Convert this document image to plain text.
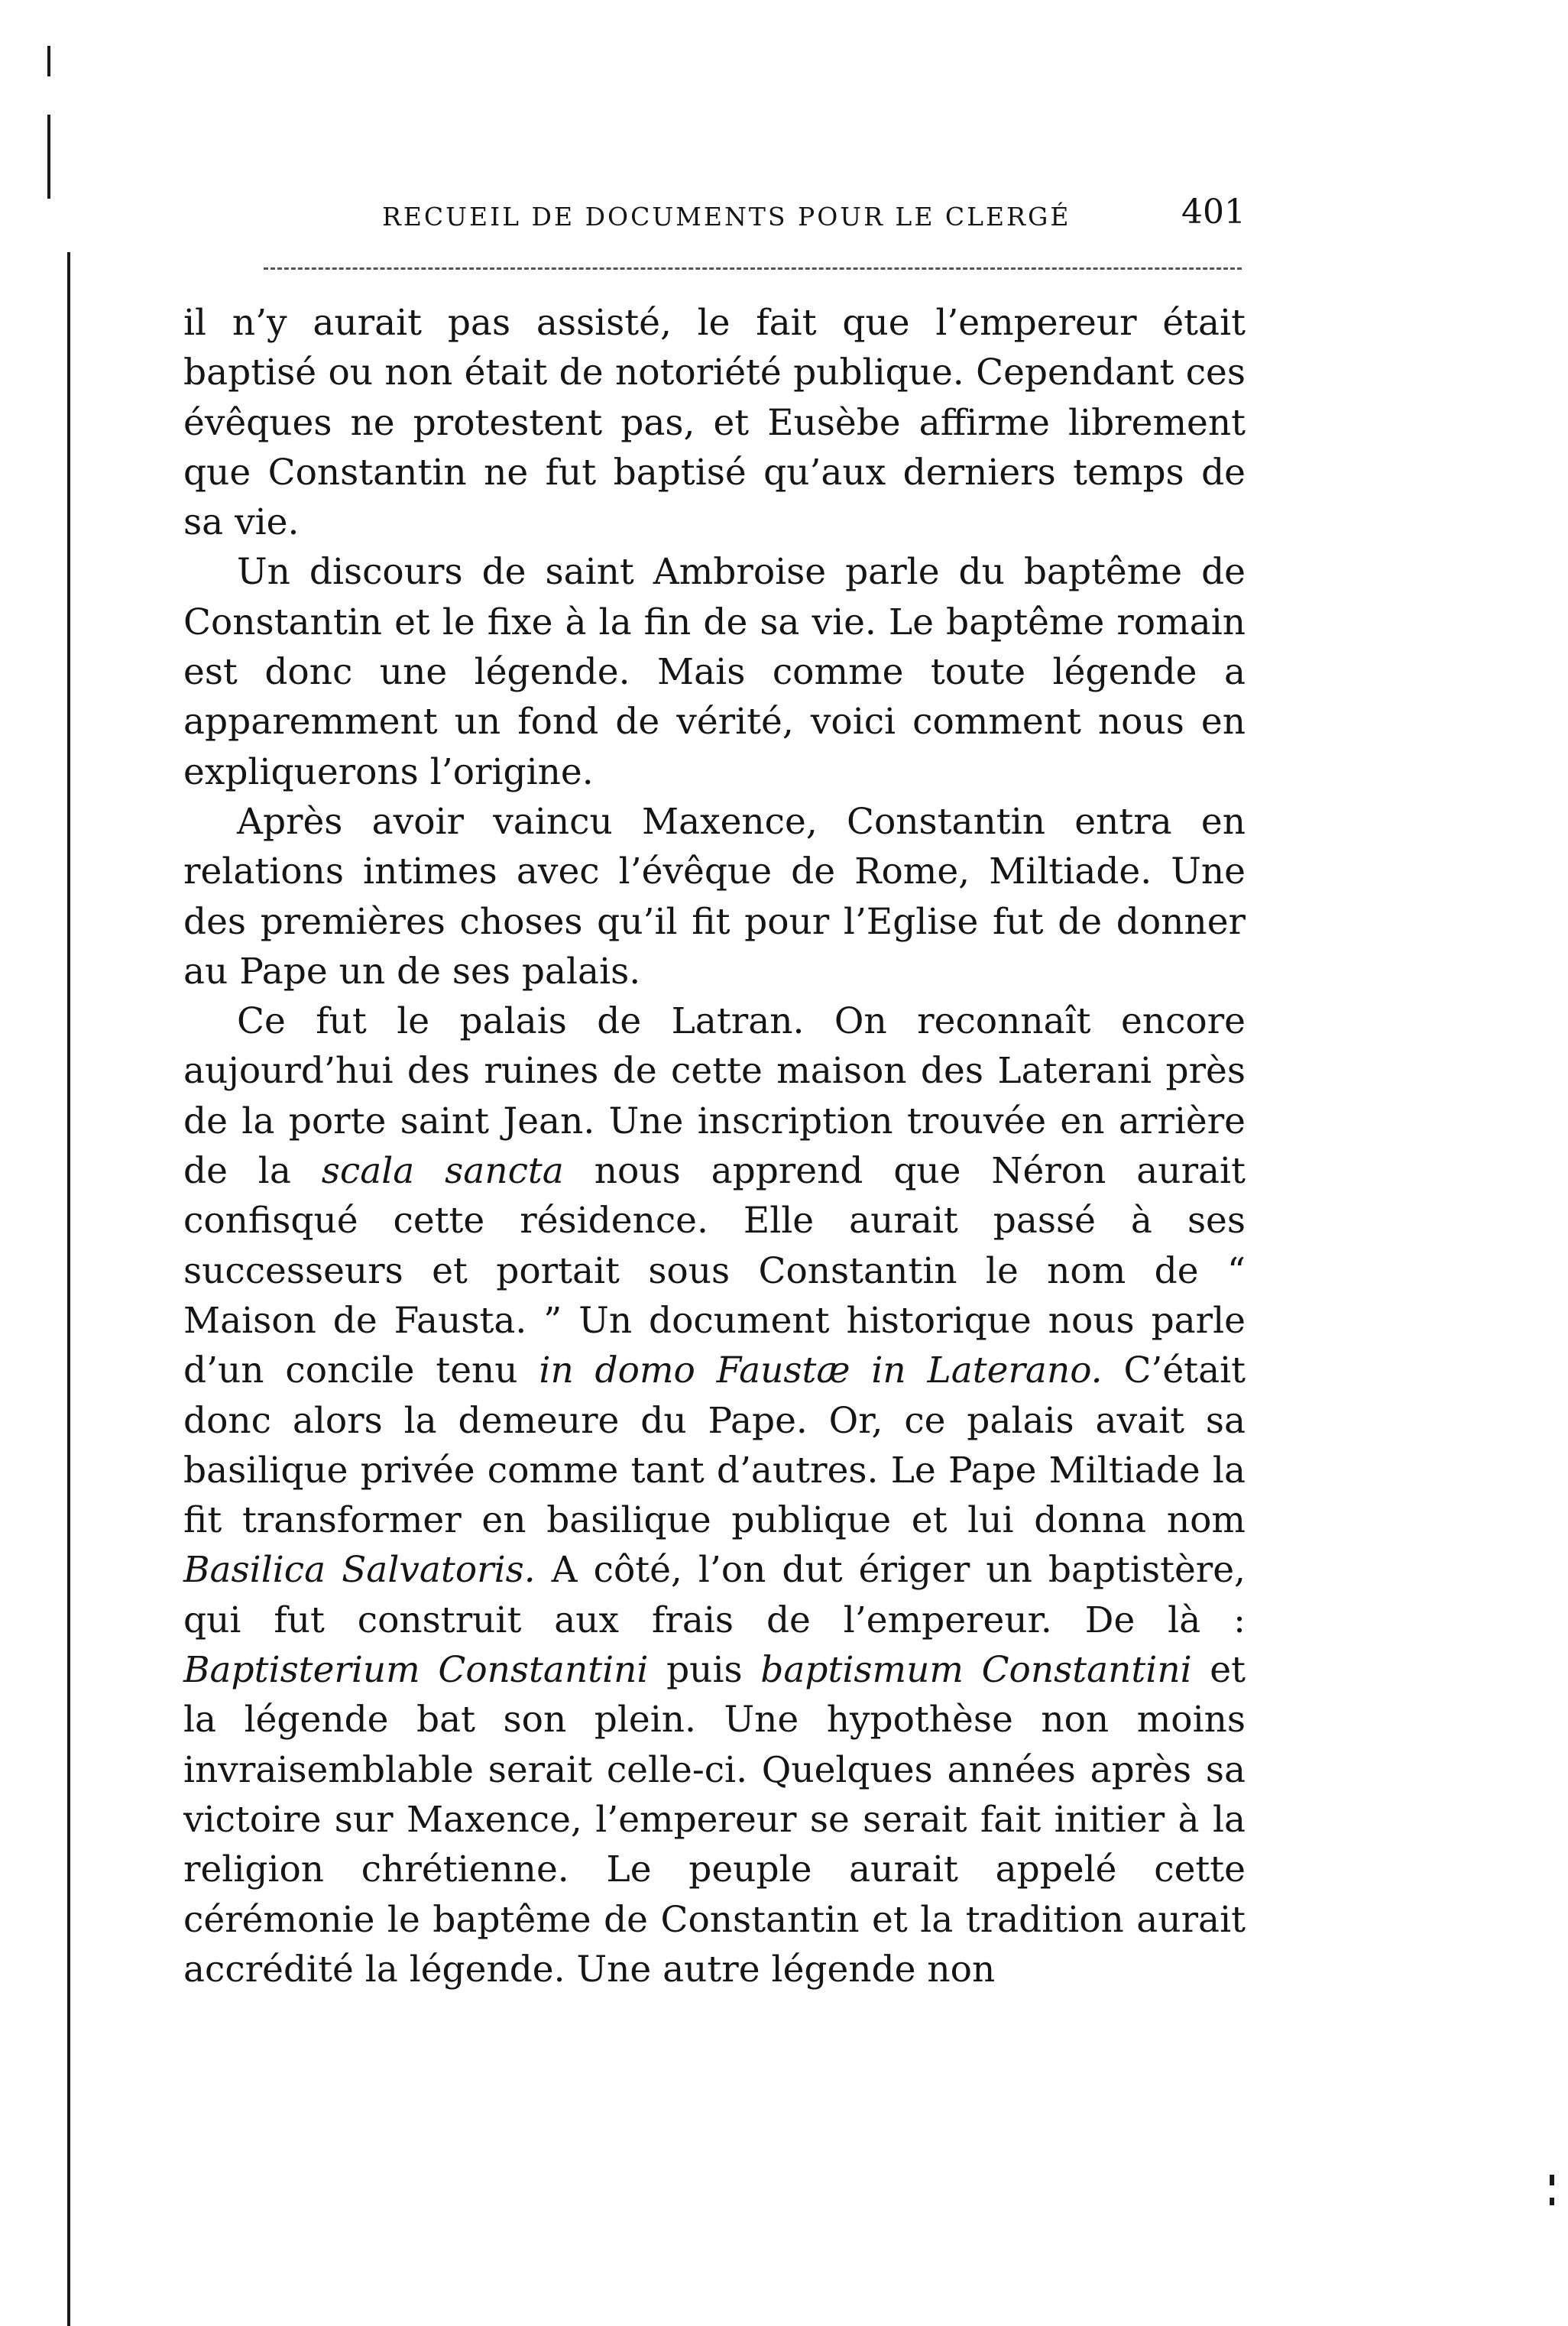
RECUEIL DE DOCUMENTS POUR LE CLERGÉ	401

il n’y aurait pas assisté, le fait que l’empereur était baptisé ou non était de notoriété publique. Cependant ces évêques ne protestent pas, et Eusèbe affirme librement que Constantin ne fut baptisé qu’aux derniers temps de sa vie.

Un discours de saint Ambroise parle du baptême de Constantin et le fixe à la fin de sa vie. Le baptême romain est donc une légende. Mais comme toute légende a apparemment un fond de vérité, voici comment nous en expliquerons l’origine.

Après avoir vaincu Maxence, Constantin entra en relations intimes avec l’évêque de Rome, Miltiade. Une des premières choses qu’il fit pour l’Eglise fut de donner au Pape un de ses palais.

Ce fut le palais de Latran. On reconnaît encore aujourd’hui des ruines de cette maison des Laterani près de la porte saint Jean. Une inscription trouvée en arrière de la scala sancta nous apprend que Néron aurait confisqué cette résidence. Elle aurait passé à ses successeurs et portait sous Constantin le nom de “ Maison de Fausta. ” Un document historique nous parle d’un concile tenu in domo Faustæ in Laterano. C’était donc alors la demeure du Pape. Or, ce palais avait sa basilique privée comme tant d’autres. Le Pape Miltiade la fit transformer en basilique publique et lui donna nom Basilica Salvatoris. A côté, l’on dut ériger un baptistère, qui fut construit aux frais de l’empereur. De là : Baptisterium Constantini puis baptismum Constantini et la légende bat son plein. Une hypothèse non moins invraisemblable serait celle-ci. Quelques années après sa victoire sur Maxence, l’empereur se serait fait initier à la religion chrétienne. Le peuple aurait appelé cette cérémonie le baptême de Constantin et la tradition aurait accrédité la légende. Une autre légende non
